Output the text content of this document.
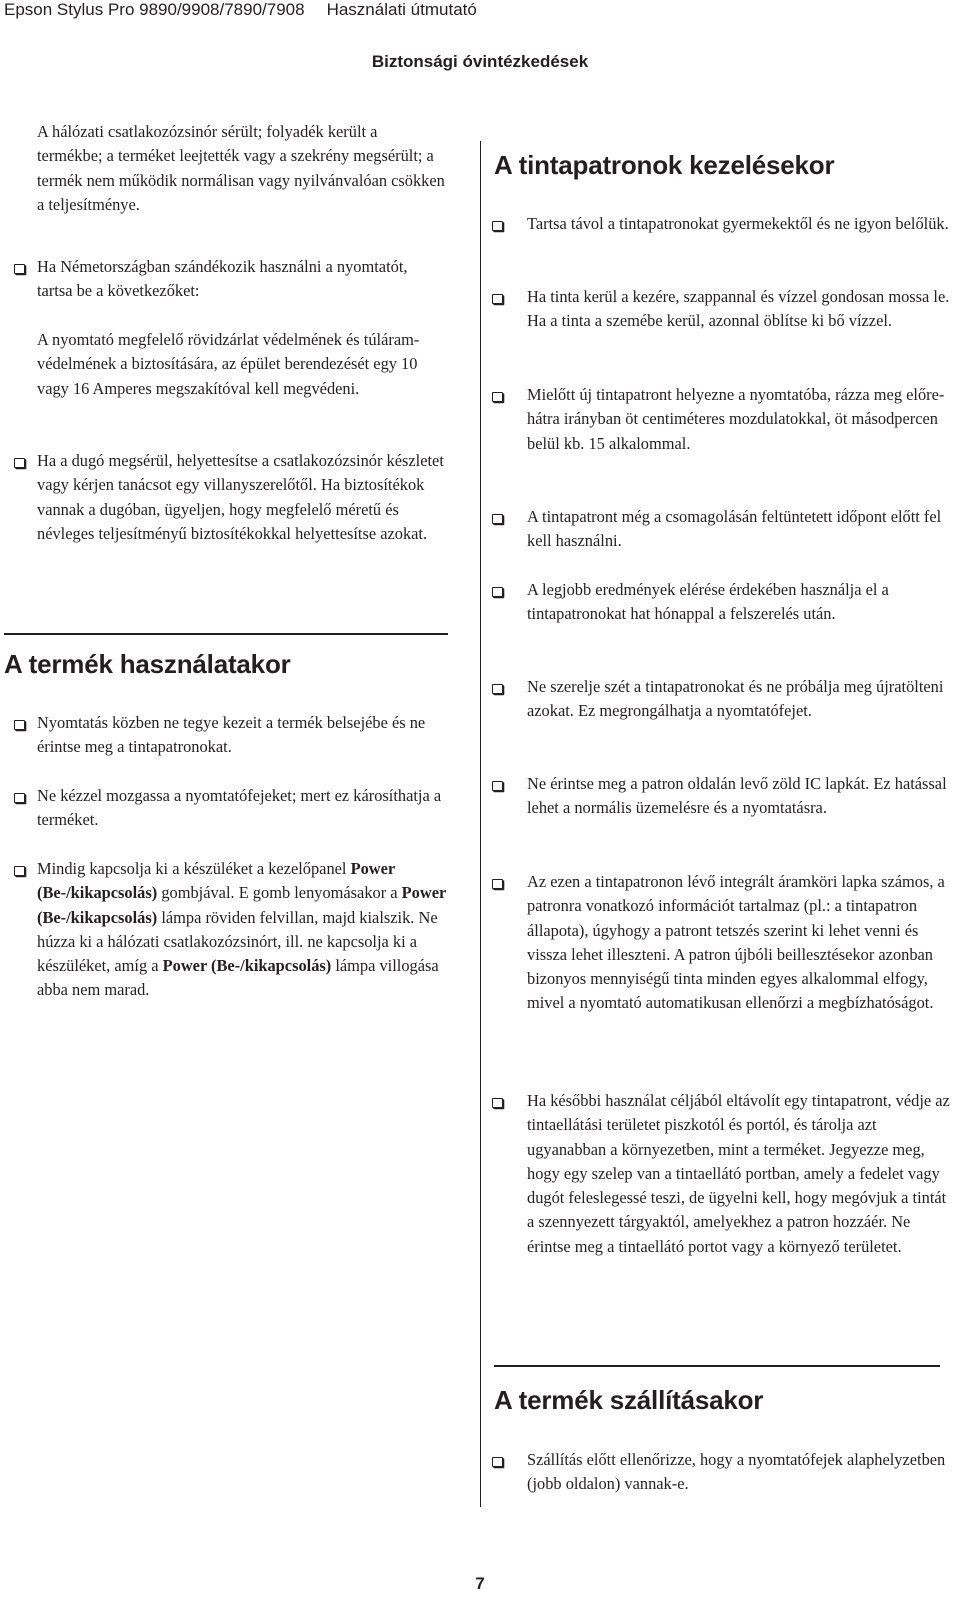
Epson Stylus Pro 9890/9908/7890/7908 Használati útmutató
Biztonsági óvintézkedések
A hálózati csatlakozózsinór sérült; folyadék került a termékbe; a terméket leejtették vagy a szekrény megsérült; a termék nem működik normálisan vagy nyilvánvalóan csökken a teljesítménye.
Ha Németországban szándékozik használni a nyomtatót, tartsa be a következőket:
A nyomtató megfelelő rövidzárlat védelmének és túláram-védelmének a biztosítására, az épület berendezését egy 10 vagy 16 Amperes megszakítóval kell megvédeni.
Ha a dugó megsérül, helyettesítse a csatlakozózsinór készletet vagy kérjen tanácsot egy villanyszerelőtől. Ha biztosítékok vannak a dugóban, ügyeljen, hogy megfelelő méretű és névleges teljesítményű biztosítékokkal helyettesítse azokat.
A termék használatakor
Nyomtatás közben ne tegye kezeit a termék belsejébe és ne érintse meg a tintapatronokat.
Ne kézzel mozgassa a nyomtatófejeket; mert ez károsíthatja a terméket.
Mindig kapcsolja ki a készüléket a kezelőpanel Power (Be-/kikapcsolás) gombjával. E gomb lenyomásakor a Power (Be-/kikapcsolás) lámpa röviden felvillan, majd kialszik. Ne húzza ki a hálózati csatlakozózsinórt, ill. ne kapcsolja ki a készüléket, amíg a Power (Be-/kikapcsolás) lámpa villogása abba nem marad.
A tintapatronok kezelésekor
Tartsa távol a tintapatronokat gyermekektől és ne igyon belőlük.
Ha tinta kerül a kezére, szappannal és vízzel gondosan mossa le. Ha a tinta a szemébe kerül, azonnal öblítse ki bő vízzel.
Mielőtt új tintapatront helyezne a nyomtatóba, rázza meg előre-hátra irányban öt centiméteres mozdulatokkal, öt másodpercen belül kb. 15 alkalommal.
A tintapatront még a csomagolásán feltüntetett időpont előtt fel kell használni.
A legjobb eredmények elérése érdekében használja el a tintapatronokat hat hónappal a felszerelés után.
Ne szerelje szét a tintapatronokat és ne próbálja meg újratölteni azokat. Ez megrongálhatja a nyomtatófejet.
Ne érintse meg a patron oldalán levő zöld IC lapkát. Ez hatással lehet a normális üzemelésre és a nyomtatásra.
Az ezen a tintapatronon lévő integrált áramköri lapka számos, a patronra vonatkozó információt tartalmaz (pl.: a tintapatron állapota), úgyhogy a patront tetszés szerint ki lehet venni és vissza lehet illeszteni. A patron újbóli beillesztésekor azonban bizonyos mennyiségű tinta minden egyes alkalommal elfogy, mivel a nyomtató automatikusan ellenőrzi a megbízhatóságot.
Ha későbbi használat céljából eltávolít egy tintapatront, védje az tintaellátási területet piszkotól és portól, és tárolja azt ugyanabban a környezetben, mint a terméket. Jegyezze meg, hogy egy szelep van a tintaellátó portban, amely a fedelet vagy dugót feleslegessé teszi, de ügyelni kell, hogy megóvjuk a tintát a szennyezett tárgyaktól, amelyekhez a patron hozzáér. Ne érintse meg a tintaellátó portot vagy a környező területet.
A termék szállításakor
Szállítás előtt ellenőrizze, hogy a nyomtatófejek alaphelyzetben (jobb oldalon) vannak-e.
7
